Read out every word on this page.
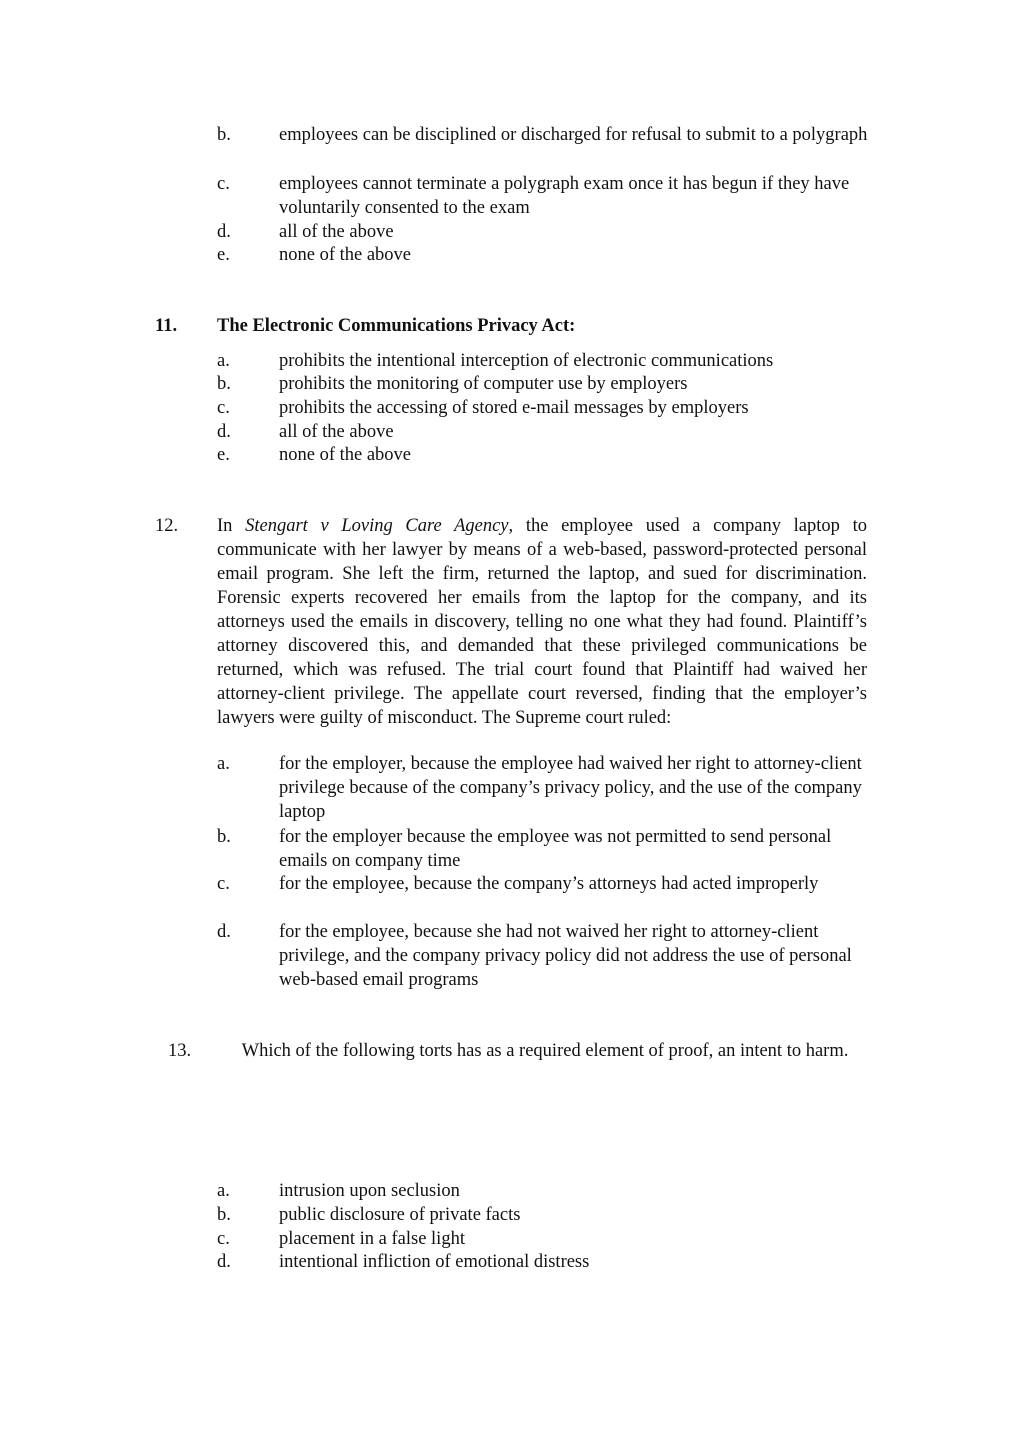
b.	employees can be disciplined or discharged for refusal to submit to a polygraph
c.	employees cannot terminate a polygraph exam once it has begun if they have voluntarily consented to the exam
d.	all of the above
e.	none of the above
11. The Electronic Communications Privacy Act:
a.	prohibits the intentional interception of electronic communications
b.	prohibits the monitoring of computer use by employers
c.	prohibits the accessing of stored e-mail messages by employers
d.	all of the above
e.	none of the above
12. In Stengart v Loving Care Agency, the employee used a company laptop to communicate with her lawyer by means of a web-based, password-protected personal email program. She left the firm, returned the laptop, and sued for discrimination. Forensic experts recovered her emails from the laptop for the company, and its attorneys used the emails in discovery, telling no one what they had found. Plaintiff’s attorney discovered this, and demanded that these privileged communications be returned, which was refused. The trial court found that Plaintiff had waived her attorney-client privilege. The appellate court reversed, finding that the employer’s lawyers were guilty of misconduct. The Supreme court ruled:
a.	for the employer, because the employee had waived her right to attorney-client privilege because of the company’s privacy policy, and the use of the company laptop
b.	for the employer because the employee was not permitted to send personal emails on company time
c.	for the employee, because the company’s attorneys had acted improperly
d.	for the employee, because she had not waived her right to attorney-client privilege, and the company privacy policy did not address the use of personal web-based email programs
13.	Which of the following torts has as a required element of proof, an intent to harm.
a.	intrusion upon seclusion
b.	public disclosure of private facts
c.	placement in a false light
d.	intentional infliction of emotional distress
